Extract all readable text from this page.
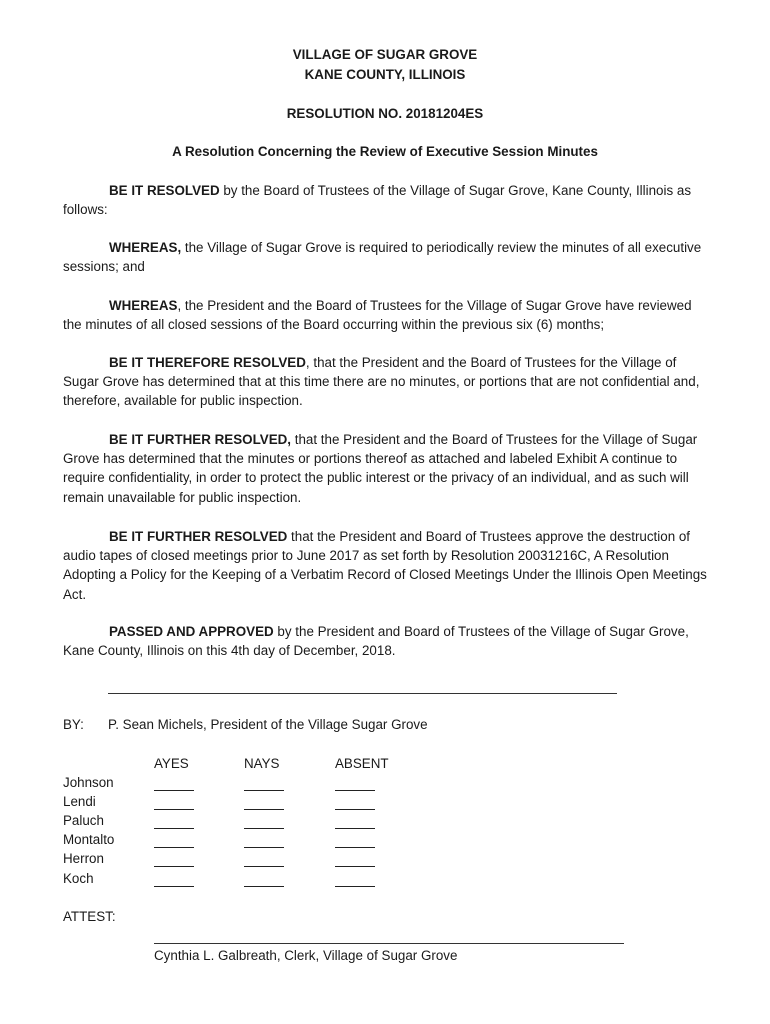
VILLAGE OF SUGAR GROVE
KANE COUNTY, ILLINOIS
RESOLUTION NO. 20181204ES
A Resolution Concerning the Review of Executive Session Minutes
BE IT RESOLVED by the Board of Trustees of the Village of Sugar Grove, Kane County, Illinois as follows:
WHEREAS, the Village of Sugar Grove is required to periodically review the minutes of all executive sessions; and
WHEREAS, the President and the Board of Trustees for the Village of Sugar Grove have reviewed the minutes of all closed sessions of the Board occurring within the previous six (6) months;
BE IT THEREFORE RESOLVED, that the President and the Board of Trustees for the Village of Sugar Grove has determined that at this time there are no minutes, or portions that are not confidential and, therefore, available for public inspection.
BE IT FURTHER RESOLVED, that the President and the Board of Trustees for the Village of Sugar Grove has determined that the minutes or portions thereof as attached and labeled Exhibit A continue to require confidentiality, in order to protect the public interest or the privacy of an individual, and as such will remain unavailable for public inspection.
BE IT FURTHER RESOLVED that the President and Board of Trustees approve the destruction of audio tapes of closed meetings prior to June 2017 as set forth by Resolution 20031216C, A Resolution Adopting a Policy for the Keeping of a Verbatim Record of Closed Meetings Under the Illinois Open Meetings Act.
PASSED AND APPROVED by the President and Board of Trustees of the Village of Sugar Grove, Kane County, Illinois on this 4th day of December, 2018.
BY: P. Sean Michels, President of the Village Sugar Grove
AYES	NAYS	ABSENT
Johnson
Lendi
Paluch
Montalto
Herron
Koch
ATTEST:
Cynthia L. Galbreath, Clerk, Village of Sugar Grove
